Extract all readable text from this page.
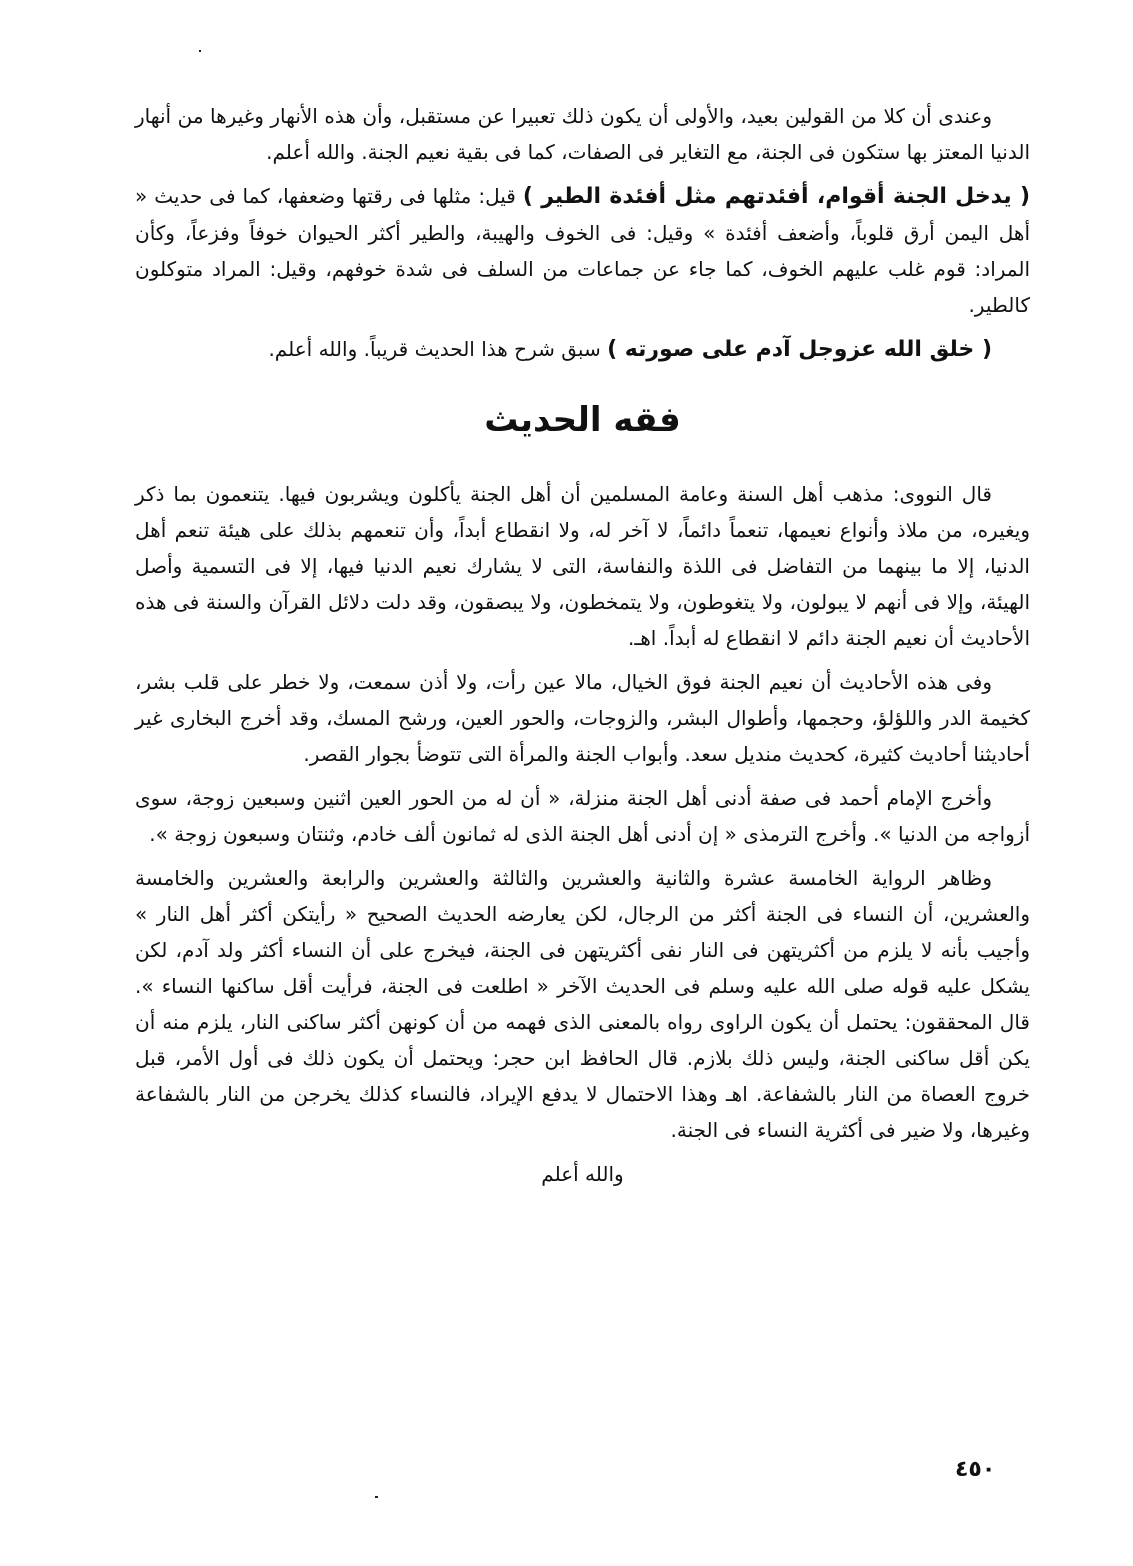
وعندى أن كلا من القولين بعيد، والأولى أن يكون ذلك تعبيرا عن مستقبل، وأن هذه الأنهار وغيرها من أنهار الدنيا المعتز بها ستكون فى الجنة، مع التغاير فى الصفات، كما فى بقية نعيم الجنة. والله أعلم.

( يدخل الجنة أقوام، أفئدتهم مثل أفئدة الطير ) قيل: مثلها فى رقتها وضعفها، كما فى حديث « أهل اليمن أرق قلوباً، وأضعف أفئدة » وقيل: فى الخوف والهيبة، والطير أكثر الحيوان خوفاً وفزعاً، وكأن المراد: قوم غلب عليهم الخوف، كما جاء عن جماعات من السلف فى شدة خوفهم، وقيل: المراد متوكلون كالطير.

( خلق الله عزوجل آدم على صورته ) سبق شرح هذا الحديث قريباً. والله أعلم.

فقه الحديث

قال النووى: مذهب أهل السنة وعامة المسلمين أن أهل الجنة يأكلون ويشربون فيها. يتنعمون بما ذكر ويغيره، من ملاذ وأنواع نعيمها، تنعماً دائماً، لا آخر له، ولا انقطاع أبداً، وأن تنعمهم بذلك على هيئة تنعم أهل الدنيا، إلا ما بينهما من التفاضل فى اللذة والنفاسة، التى لا يشارك نعيم الدنيا فيها، إلا فى التسمية وأصل الهيئة، وإلا فى أنهم لا يبولون، ولا يتغوطون، ولا يتمخطون، ولا يبصقون، وقد دلت دلائل القرآن والسنة فى هذه الأحاديث أن نعيم الجنة دائم لا انقطاع له أبداً. اهـ.

وفى هذه الأحاديث أن نعيم الجنة فوق الخيال، مالا عين رأت، ولا أذن سمعت، ولا خطر على قلب بشر، كخيمة الدر واللؤلؤ، وحجمها، وأطوال البشر، والزوجات، والحور العين، ورشح المسك، وقد أخرج البخارى غير أحاديثنا أحاديث كثيرة، كحديث منديل سعد. وأبواب الجنة والمرأة التى تتوضأ بجوار القصر.

وأخرج الإمام أحمد فى صفة أدنى أهل الجنة منزلة، « أن له من الحور العين اثنين وسبعين زوجة، سوى أزواجه من الدنيا ». وأخرج الترمذى « إن أدنى أهل الجنة الذى له ثمانون ألف خادم، وثنتان وسبعون زوجة ».

وظاهر الرواية الخامسة عشرة والثانية والعشرين والثالثة والعشرين والرابعة والعشرين والخامسة والعشرين، أن النساء فى الجنة أكثر من الرجال، لكن يعارضه الحديث الصحيح « رأيتكن أكثر أهل النار » وأجيب بأنه لا يلزم من أكثريتهن فى النار نفى أكثريتهن فى الجنة، فيخرج على أن النساء أكثر ولد آدم، لكن يشكل عليه قوله صلى الله عليه وسلم فى الحديث الآخر « اطلعت فى الجنة، فرأيت أقل ساكنها النساء ». قال المحققون: يحتمل أن يكون الراوى رواه بالمعنى الذى فهمه من أن كونهن أكثر ساكنى النار، يلزم منه أن يكن أقل ساكنى الجنة، وليس ذلك بلازم. قال الحافظ ابن حجر: ويحتمل أن يكون ذلك فى أول الأمر، قبل خروج العصاة من النار بالشفاعة. اهـ وهذا الاحتمال لا يدفع الإيراد، فالنساء كذلك يخرجن من النار بالشفاعة وغيرها، ولا ضير فى أكثرية النساء فى الجنة.

والله أعلم

٤٥٠
